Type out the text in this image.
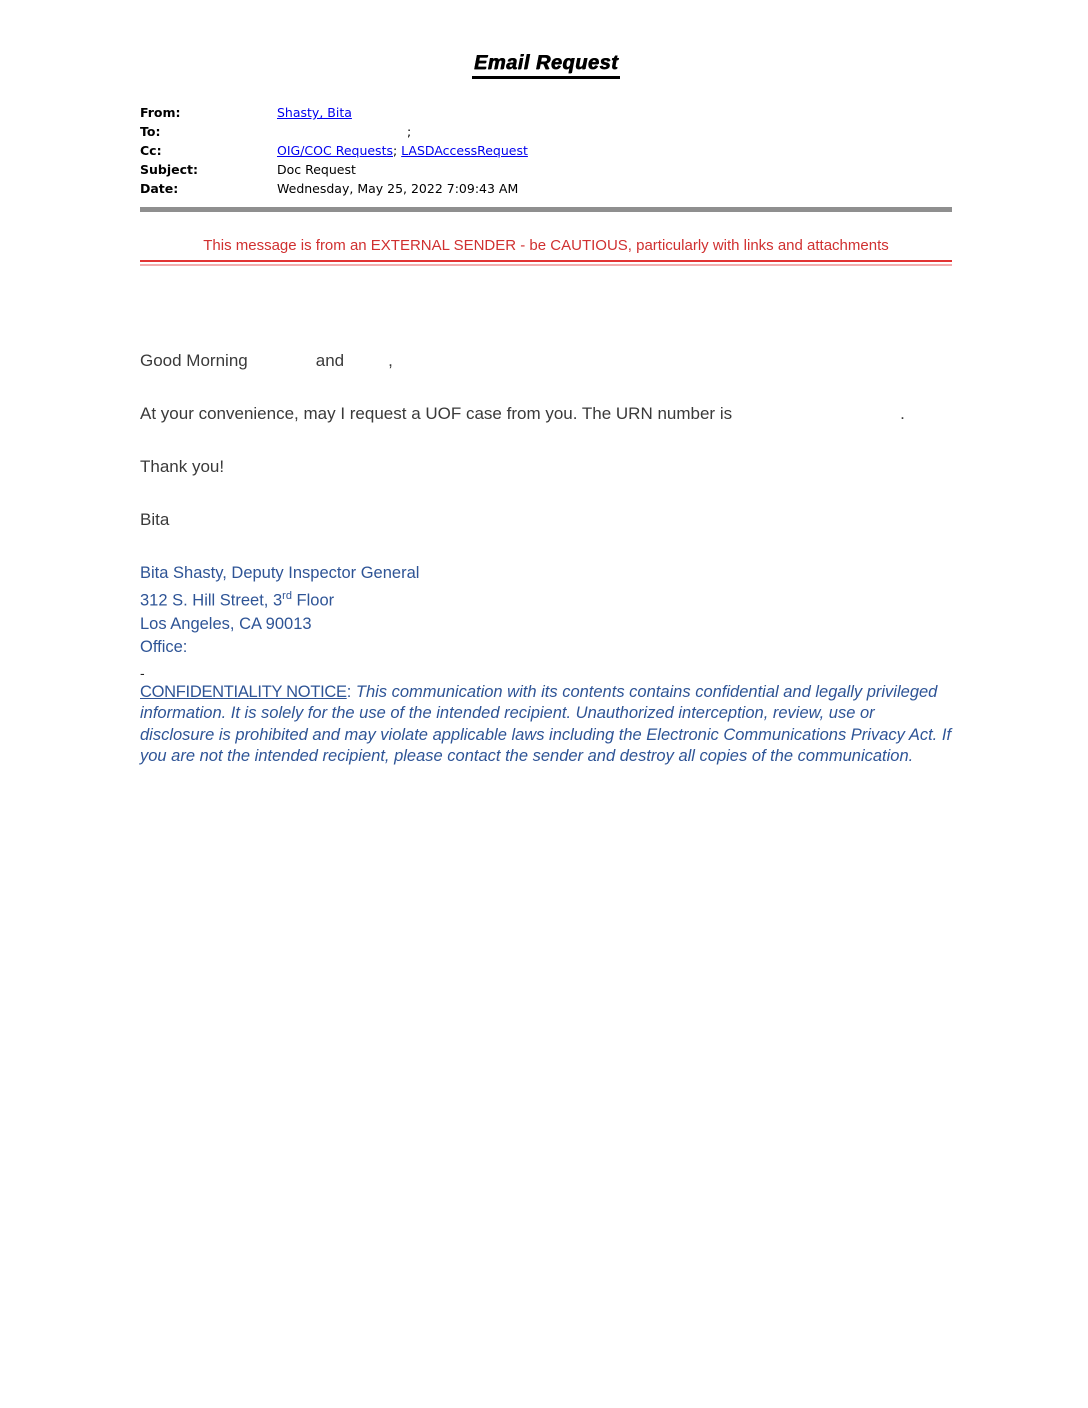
Email Request
From:	Shasty, Bita
To:	;
Cc:	OIG/COC Requests; LASDAccessRequest
Subject:	Doc Request
Date:	Wednesday, May 25, 2022 7:09:43 AM
This message is from an EXTERNAL SENDER - be CAUTIOUS, particularly with links and attachments

Good Morning	and	,

At your convenience, may I request a UOF case from you. The URN number is	.

Thank you!

Bita

Bita Shasty, Deputy Inspector General
312 S. Hill Street, 3rd Floor
Los Angeles, CA 90013
Office:
-
CONFIDENTIALITY NOTICE: This communication with its contents contains confidential and legally privileged information. It is solely for the use of the intended recipient. Unauthorized interception, review, use or disclosure is prohibited and may violate applicable laws including the Electronic Communications Privacy Act. If you are not the intended recipient, please contact the sender and destroy all copies of the communication.
